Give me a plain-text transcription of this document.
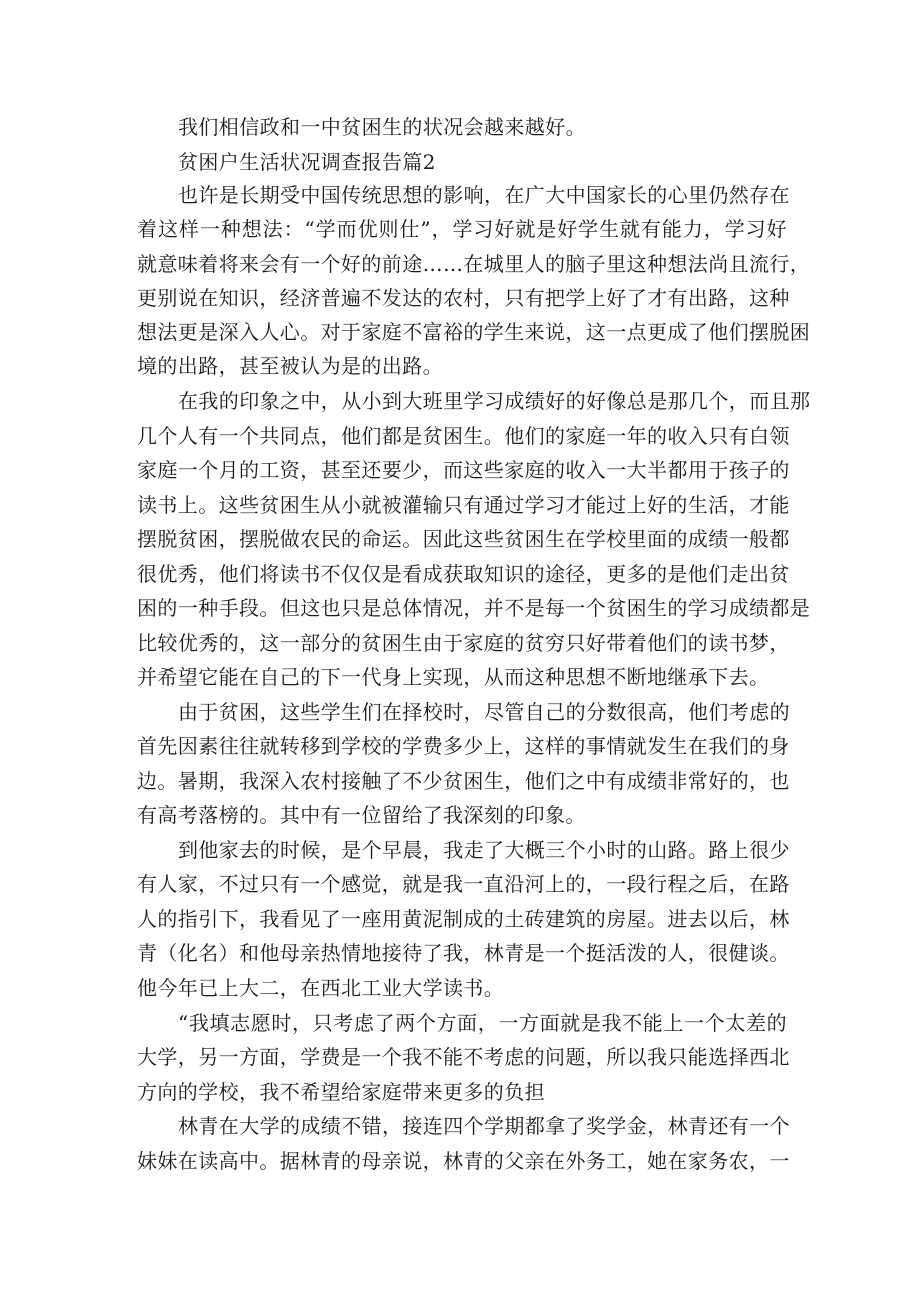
我们相信政和一中贫困生的状况会越来越好。
贫困户生活状况调查报告篇2
也许是长期受中国传统思想的影响，在广大中国家长的心里仍然存在
着这样一种想法：“学而优则仕”，学习好就是好学生就有能力，学习好
就意味着将来会有一个好的前途……在城里人的脑子里这种想法尚且流行，
更别说在知识，经济普遍不发达的农村，只有把学上好了才有出路，这种
想法更是深入人心。对于家庭不富裕的学生来说，这一点更成了他们摆脱困
境的出路，甚至被认为是的出路。
在我的印象之中，从小到大班里学习成绩好的好像总是那几个，而且那
几个人有一个共同点，他们都是贫困生。他们的家庭一年的收入只有白领
家庭一个月的工资，甚至还要少，而这些家庭的收入一大半都用于孩子的
读书上。这些贫困生从小就被灌输只有通过学习才能过上好的生活，才能
摆脱贫困，摆脱做农民的命运。因此这些贫困生在学校里面的成绩一般都
很优秀，他们将读书不仅仅是看成获取知识的途径，更多的是他们走出贫
困的一种手段。但这也只是总体情况，并不是每一个贫困生的学习成绩都是
比较优秀的，这一部分的贫困生由于家庭的贫穷只好带着他们的读书梦，
并希望它能在自己的下一代身上实现，从而这种思想不断地继承下去。
由于贫困，这些学生们在择校时，尽管自己的分数很高，他们考虑的
首先因素往往就转移到学校的学费多少上，这样的事情就发生在我们的身
边。暑期，我深入农村接触了不少贫困生，他们之中有成绩非常好的，也
有高考落榜的。其中有一位留给了我深刻的印象。
到他家去的时候，是个早晨，我走了大概三个小时的山路。路上很少
有人家，不过只有一个感觉，就是我一直沿河上的，一段行程之后，在路
人的指引下，我看见了一座用黄泥制成的土砖建筑的房屋。进去以后，林
青（化名）和他母亲热情地接待了我，林青是一个挺活泼的人，很健谈。
他今年已上大二，在西北工业大学读书。
“我填志愿时，只考虑了两个方面，一方面就是我不能上一个太差的
大学，另一方面，学费是一个我不能不考虑的问题，所以我只能选择西北
方向的学校，我不希望给家庭带来更多的负担
林青在大学的成绩不错，接连四个学期都拿了奖学金，林青还有一个
妹妹在读高中。据林青的母亲说，林青的父亲在外务工，她在家务农，一
